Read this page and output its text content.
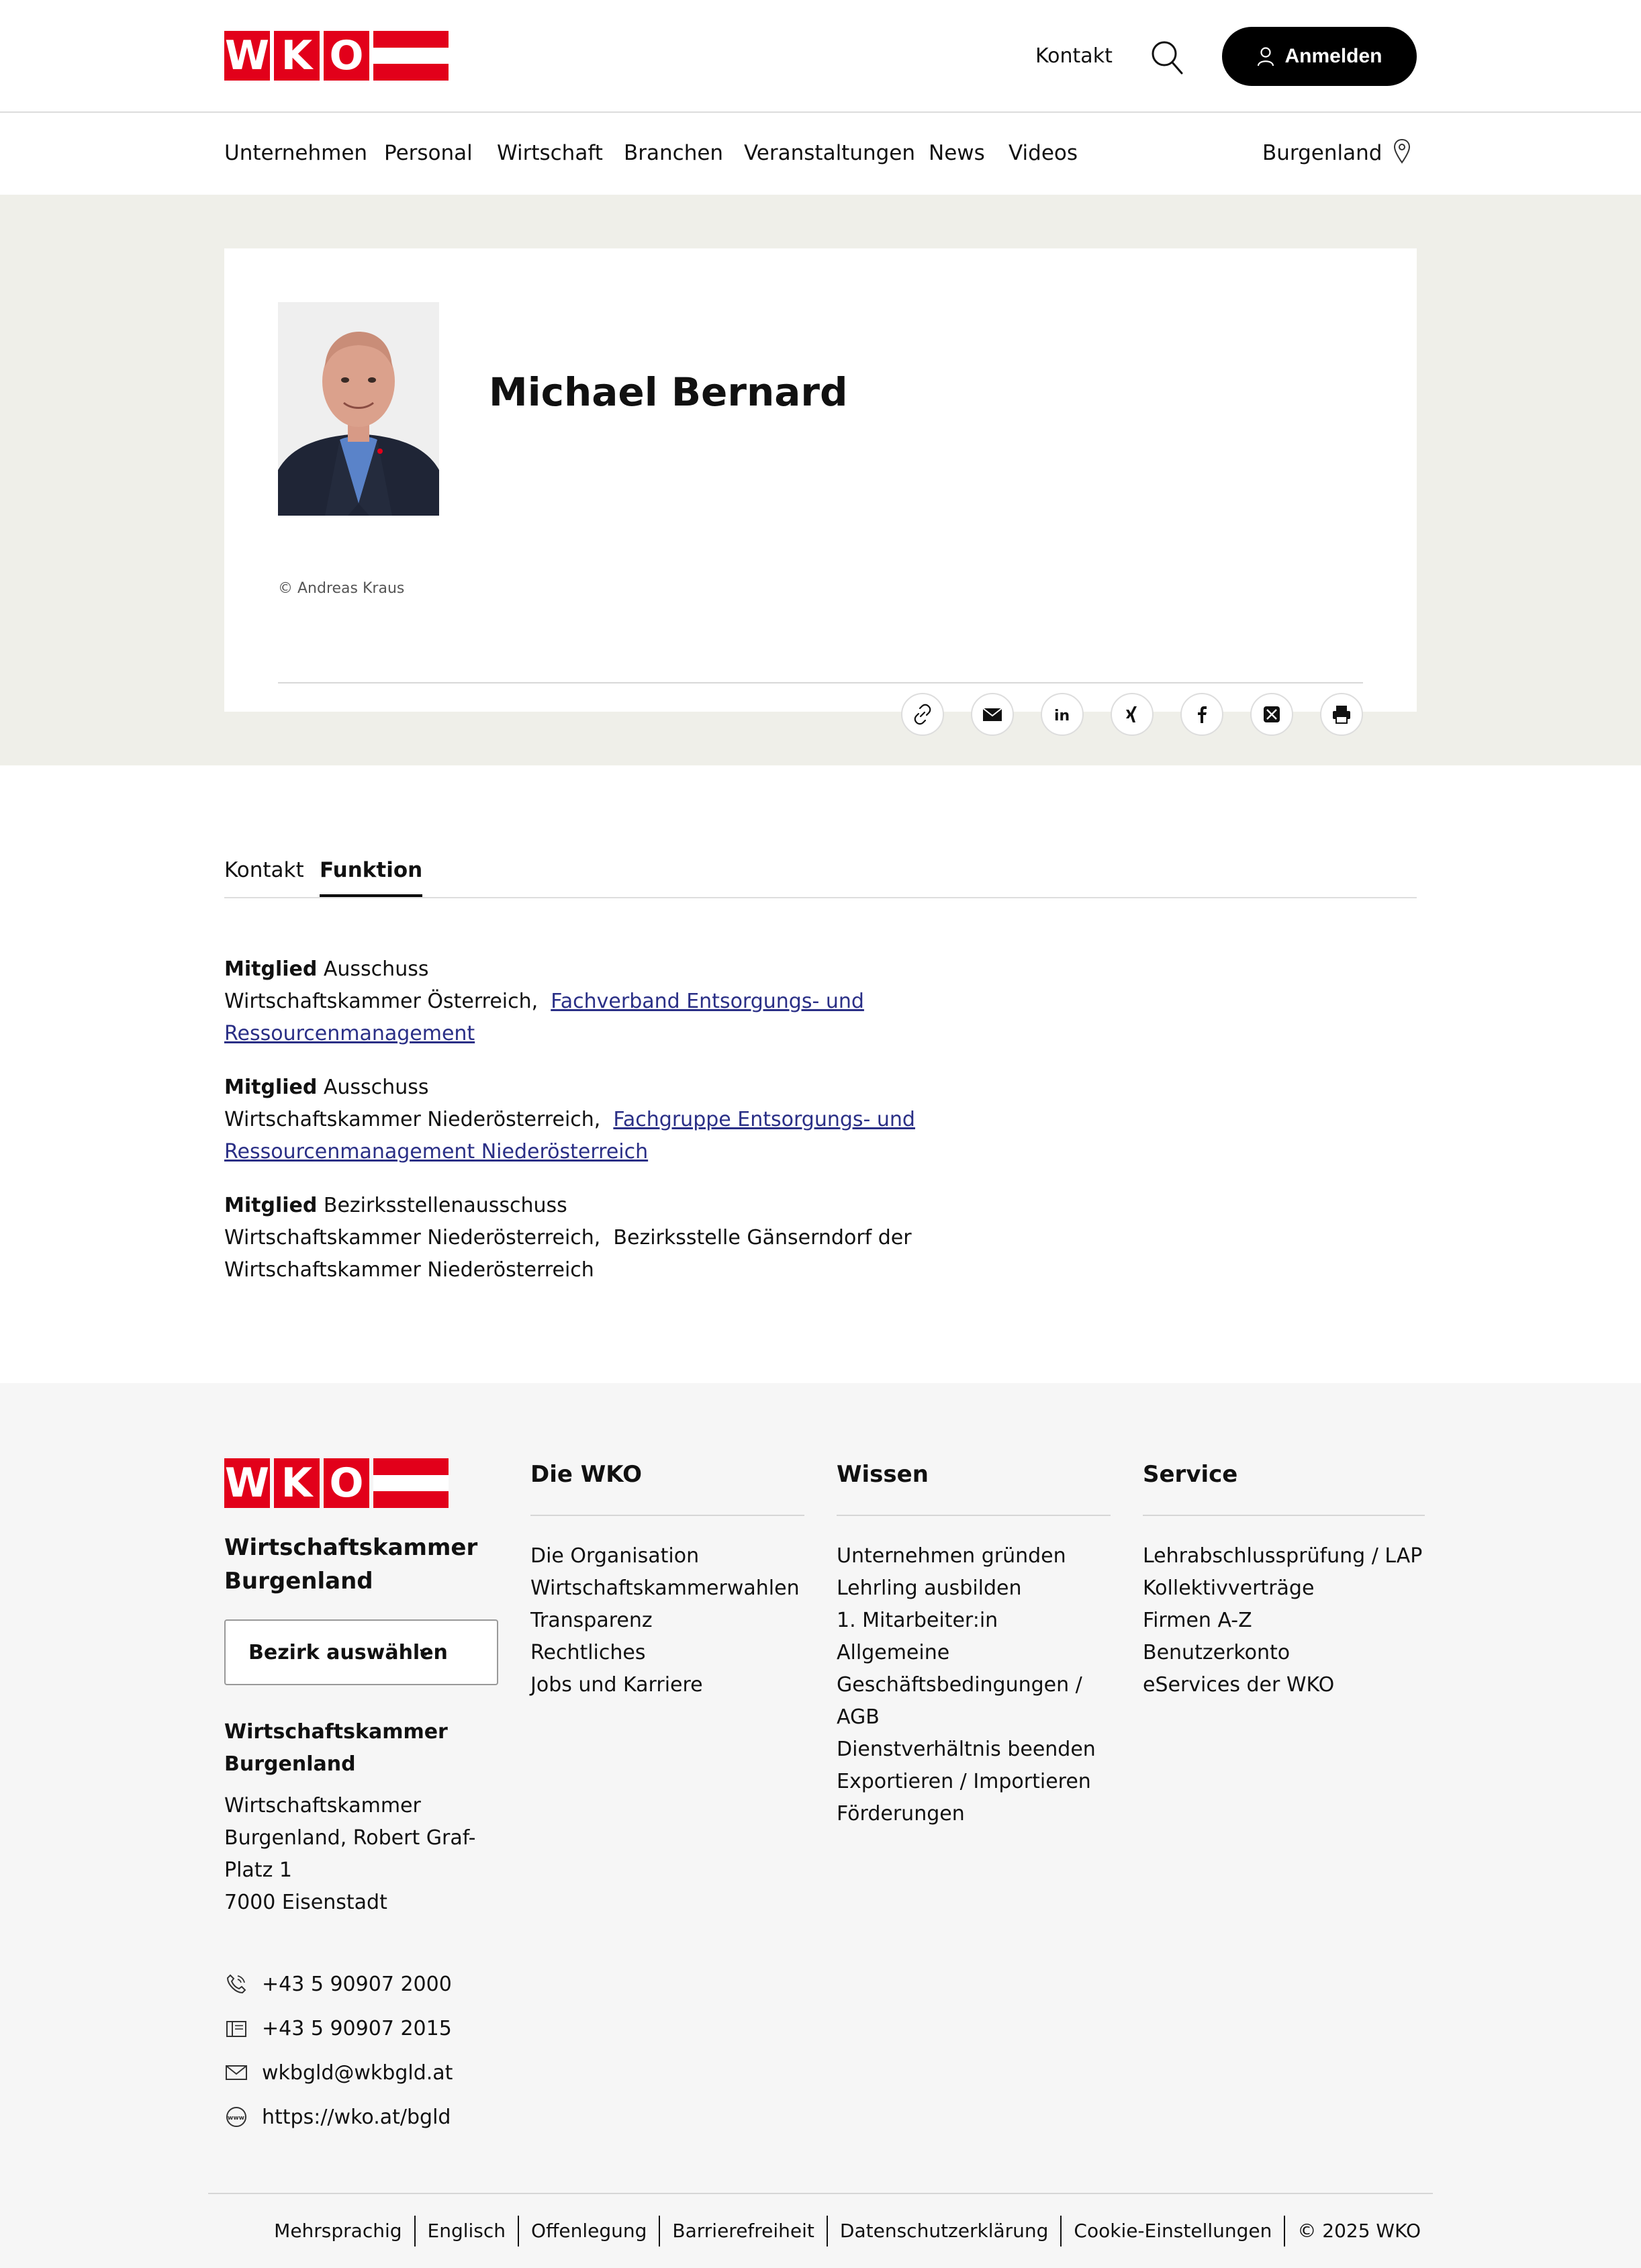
W K O	Kontakt	Anmelden
Unternehmen Personal Wirtschaft Branchen Veranstaltungen News Videos	Burgenland
© Andreas Kraus
Michael Bernard
in
Kontakt Funktion
Mitglied Ausschuss
Wirtschaftskammer Österreich, Fachverband Entsorgungs- und Ressourcenmanagement
Mitglied Ausschuss
Wirtschaftskammer Niederösterreich, Fachgruppe Entsorgungs- und Ressourcenmanagement Niederösterreich
Mitglied Bezirksstellenausschuss
Wirtschaftskammer Niederösterreich, Bezirksstelle Gänserndorf der Wirtschaftskammer Niederösterreich
W K O
Wirtschaftskammer Burgenland
Bezirk auswählen
Wirtschaftskammer Burgenland
Wirtschaftskammer Burgenland, Robert Graf-Platz 1
7000 Eisenstadt
+43 5 90907 2000
+43 5 90907 2015
wkbgld@wkbgld.at
www https://wko.at/bgld
Die WKO
Die Organisation
Wirtschaftskammerwahlen
Transparenz
Rechtliches
Jobs und Karriere
Wissen
Unternehmen gründen
Lehrling ausbilden
1. Mitarbeiter:in
Allgemeine Geschäftsbedingungen / AGB
Dienstverhältnis beenden
Exportieren / Importieren
Förderungen
Service
Lehrabschlussprüfung / LAP
Kollektivverträge
Firmen A-Z
Benutzerkonto
eServices der WKO
Mehrsprachig	Englisch	Offenlegung	Barrierefreiheit	Datenschutzerklärung	Cookie-Einstellungen	© 2025 WKO
